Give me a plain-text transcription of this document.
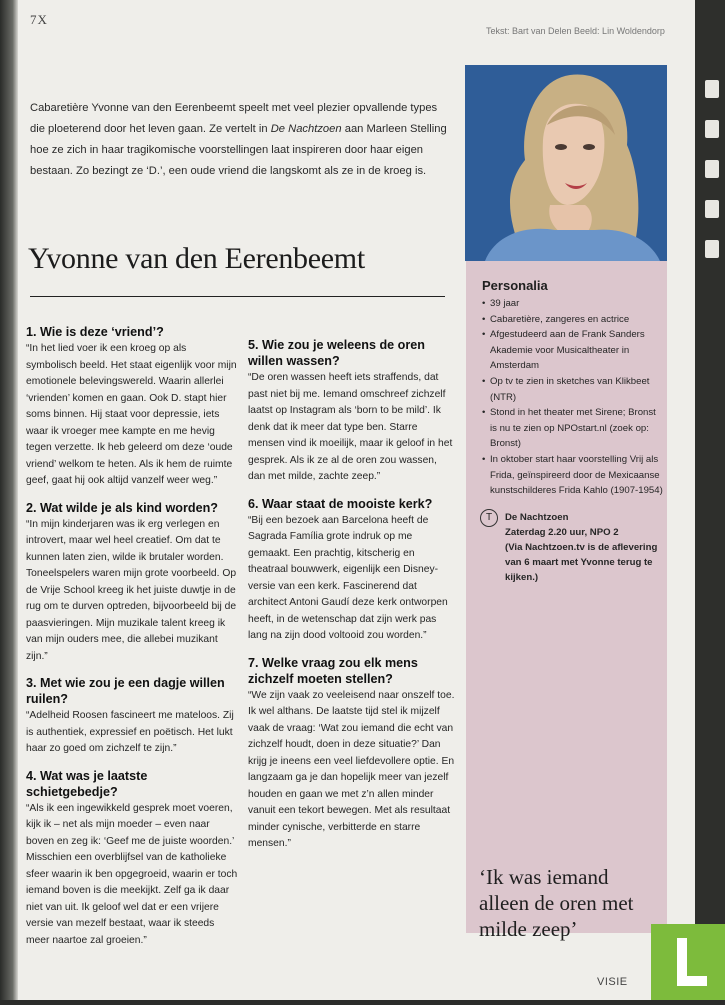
7X
Tekst: Bart van Delen Beeld: Lin Woldendorp
Cabaretière Yvonne van den Eerenbeemt speelt met veel plezier opvallende types die ploeterend door het leven gaan. Ze vertelt in De Nachtzoen aan Marleen Stelling hoe ze zich in haar tragikomische voorstellingen laat inspireren door haar eigen bestaan. Zo bezingt ze ‘D.’, een oude vriend die langskomt als ze in de kroeg is.
Yvonne van den Eerenbeemt
1. Wie is deze ‘vriend’?
“In het lied voer ik een kroeg op als symbolisch beeld. Het staat eigenlijk voor mijn emotionele belevingswereld. Waarin allerlei ‘vrienden’ komen en gaan. Ook D. stapt hier soms binnen. Hij staat voor depressie, iets waar ik vroeger mee kampte en me hevig tegen verzette. Ik heb geleerd om deze ‘oude vriend’ welkom te heten. Als ik hem de ruimte geef, gaat hij ook altijd vanzelf weer weg.”
2. Wat wilde je als kind worden?
“In mijn kinderjaren was ik erg verlegen en introvert, maar wel heel creatief. Om dat te kunnen laten zien, wilde ik brutaler worden. Toneelspelers waren mijn grote voorbeeld. Op de Vrije School kreeg ik het juiste duwtje in de rug om te durven optreden, bijvoorbeeld bij de paasvieringen. Mijn muzikale talent kreeg ik van mijn ouders mee, die allebei muzikant zijn.”
3. Met wie zou je een dagje willen ruilen?
“Adelheid Roosen fascineert me mateloos. Zij is authentiek, expressief en poëtisch. Het lukt haar zo goed om zichzelf te zijn.”
4. Wat was je laatste schietgebedje?
“Als ik een ingewikkeld gesprek moet voeren, kijk ik – net als mijn moeder – even naar boven en zeg ik: ‘Geef me de juiste woorden.’ Misschien een overblijfsel van de katholieke sfeer waarin ik ben opgegroeid, waarin er toch iemand boven is die meekijkt. Zelf ga ik daar niet van uit. Ik geloof wel dat er een vrijere versie van mezelf bestaat, waar ik steeds meer naartoe zal groeien.”
5. Wie zou je weleens de oren willen wassen?
“De oren wassen heeft iets straffends, dat past niet bij me. Iemand omschreef zichzelf laatst op Instagram als ‘born to be mild’. Ik denk dat ik meer dat type ben. Starre mensen vind ik moeilijk, maar ik geloof in het gesprek. Als ik ze al de oren zou wassen, dan met milde, zachte zeep.”
6. Waar staat de mooiste kerk?
“Bij een bezoek aan Barcelona heeft de Sagrada Família grote indruk op me gemaakt. Een prachtig, kitscherig en theatraal bouwwerk, eigenlijk een Disney-versie van een kerk. Fascinerend dat architect Antoni Gaudí deze kerk ontworpen heeft, in de wetenschap dat zijn werk pas lang na zijn dood voltooid zou worden.”
7. Welke vraag zou elk mens zichzelf moeten stellen?
“We zijn vaak zo veeleisend naar onszelf toe. Ik wel althans. De laatste tijd stel ik mijzelf vaak de vraag: ‘Wat zou iemand die echt van zichzelf houdt, doen in deze situatie?’ Dan krijg je ineens een veel liefdevollere optie. En langzaam ga je dan hopelijk meer van jezelf houden en gaan we met z’n allen minder vanuit een tekort bewegen. Met als resultaat minder cynische, verbitterde en starre mensen.”
Personalia
• 39 jaar
• Cabaretière, zangeres en actrice
• Afgestudeerd aan de Frank Sanders Akademie voor Musicaltheater in Amsterdam
• Op tv te zien in sketches van Klikbeet (NTR)
• Stond in het theater met Sirene; Bronst is nu te zien op NPOstart.nl (zoek op: Bronst)
• In oktober start haar voorstelling Vrij als Frida, geïnspireerd door de Mexicaanse kunstschilderes Frida Kahlo (1907-1954)
T	De Nachtzoen
Zaterdag 2.20 uur, NPO 2
(Via Nachtzoen.tv is de aflevering van 6 maart met Yvonne terug te kijken.)
‘Ik was iemand alleen de oren met milde zeep’
VISIE
